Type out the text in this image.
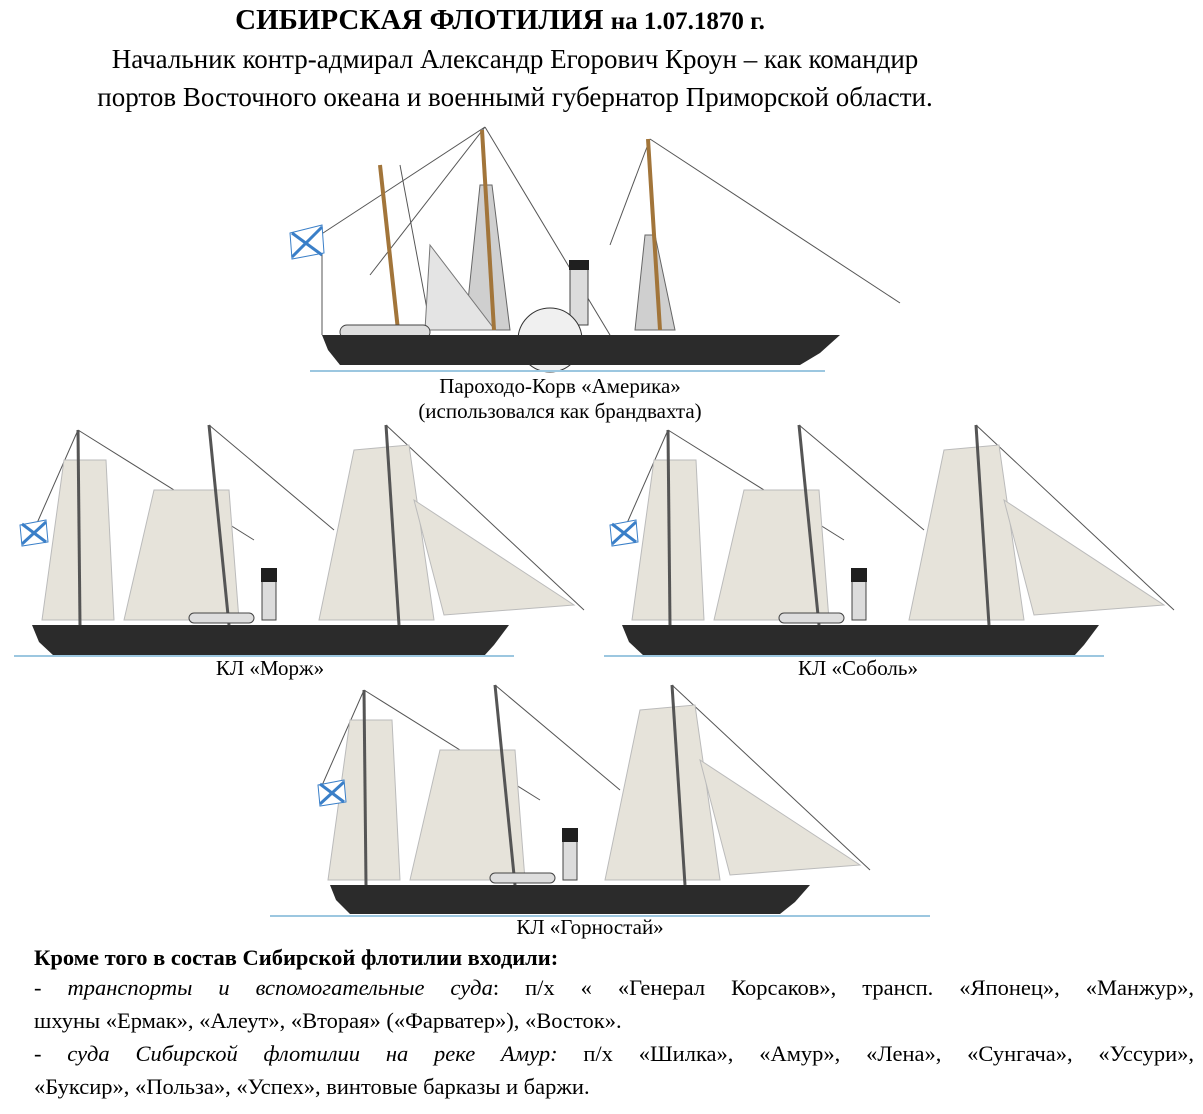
СИБИРСКАЯ ФЛОТИЛИЯ на 1.07.1870 г.
Начальник контр-адмирал Александр Егорович Кроун – как командир
портов Восточного океана и военнымй губернатор Приморской области.
Пароходо-Корв «Америка»
(использовался как брандвахта)
КЛ «Морж»	КЛ «Соболь»
КЛ «Горностай»
Кроме того в состав Сибирской флотилии входили:
- транспорты и вспомогательные суда: п/х « «Генерал Корсаков», трансп. «Японец», «Манжур»,
шхуны «Ермак», «Алеут», «Вторая» («Фарватер»), «Восток».
- суда Сибирской флотилии на реке Амур: п/х «Шилка», «Амур», «Лена», «Сунгача», «Уссури»,
«Буксир», «Польза», «Успех», винтовые барказы и баржи.
